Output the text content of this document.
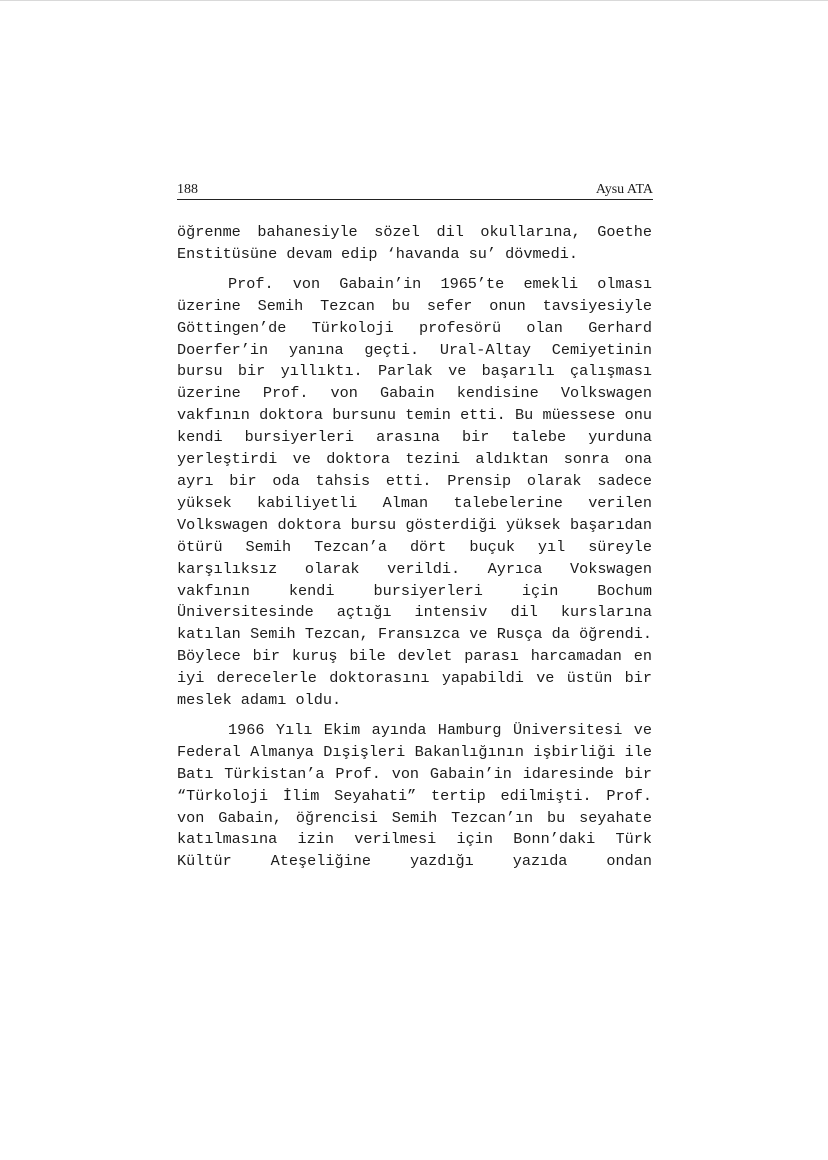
188	Aysu ATA

öğrenme bahanesiyle sözel dil okullarına, Goethe Enstitüsüne devam edip ‘havanda su’ dövmedi.

Prof. von Gabain’in 1965’te emekli olması üzerine Semih Tezcan bu sefer onun tavsiyesiyle Göttingen’de Türkoloji profesörü olan Gerhard Doerfer’in yanına geçti. Ural-Altay Cemiyetinin bursu bir yıllıktı. Parlak ve başarılı çalışması üzerine Prof. von Gabain kendisine Volkswagen vakfının doktora bursunu temin etti. Bu müessese onu kendi bursiyerleri arasına bir talebe yurduna yerleştirdi ve doktora tezini aldıktan sonra ona ayrı bir oda tahsis etti. Prensip olarak sadece yüksek kabiliyetli Alman talebelerine verilen Volkswagen doktora bursu gösterdiği yüksek başarıdan ötürü Semih Tezcan’a dört buçuk yıl süreyle karşılıksız olarak verildi. Ayrıca Vokswagen vakfının kendi bursiyerleri için Bochum Üniversitesinde açtığı intensiv dil kurslarına katılan Semih Tezcan, Fransızca ve Rusça da öğrendi. Böylece bir kuruş bile devlet parası harcamadan en iyi derecelerle doktorasını yapabildi ve üstün bir meslek adamı oldu.

1966 Yılı Ekim ayında Hamburg Üniversitesi ve Federal Almanya Dışişleri Bakanlığının işbirliği ile Batı Türkistan’a Prof. von Gabain’in idaresinde bir “Türkoloji İlim Seyahati” tertip edilmişti. Prof. von Gabain, öğrencisi Semih Tezcan’ın bu seyahate katılmasına izin verilmesi için Bonn’daki Türk Kültür Ateşeliğine yazdığı yazıda ondan
